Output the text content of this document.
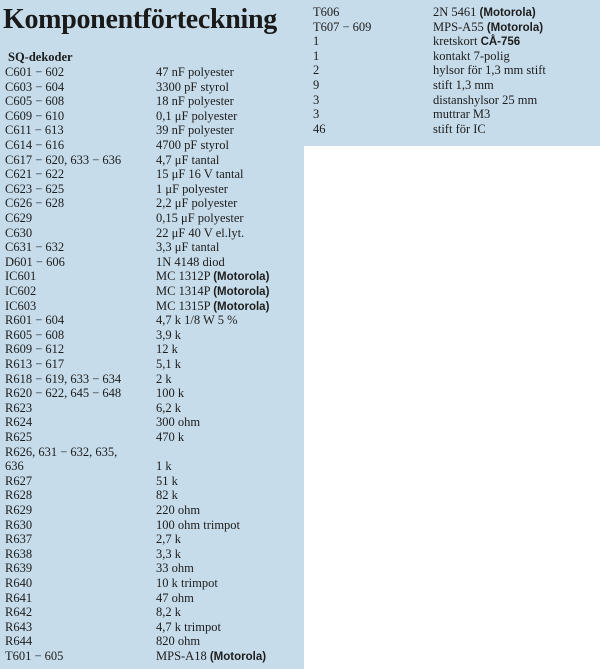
Komponentförteckning
SQ-dekoder
C601 − 602	47 nF polyester
C603 − 604	3300 pF styrol
C605 − 608	18 nF polyester
C609 − 610	0,1 μF polyester
C611 − 613	39 nF polyester
C614 − 616	4700 pF styrol
C617 − 620, 633 − 636	4,7 μF tantal
C621 − 622	15 μF 16 V tantal
C623 − 625	1 μF polyester
C626 − 628	2,2 μF polyester
C629	0,15 μF polyester
C630	22 μF 40 V el.lyt.
C631 − 632	3,3 μF tantal
D601 − 606	1N 4148 diod
IC601	MC 1312P (Motorola)
IC602	MC 1314P (Motorola)
IC603	MC 1315P (Motorola)
R601 − 604	4,7 k 1/8 W 5 %
R605 − 608	3,9 k
R609 − 612	12 k
R613 − 617	5,1 k
R618 − 619, 633 − 634	2 k
R620 − 622, 645 − 648	100 k
R623	6,2 k
R624	300 ohm
R625	470 k
R626, 631 − 632, 635,
636	1 k
R627	51 k
R628	82 k
R629	220 ohm
R630	100 ohm trimpot
R637	2,7 k
R638	3,3 k
R639	33 ohm
R640	10 k trimpot
R641	47 ohm
R642	8,2 k
R643	4,7 k trimpot
R644	820 ohm
T601 − 605	MPS-A18 (Motorola)
T606	2N 5461 (Motorola)
T607 − 609	MPS-A55 (Motorola)
1	kretskort CÅ-756
1	kontakt 7-polig
2	hylsor för 1,3 mm stift
9	stift 1,3 mm
3	distanshylsor 25 mm
3	muttrar M3
46	stift för IC
